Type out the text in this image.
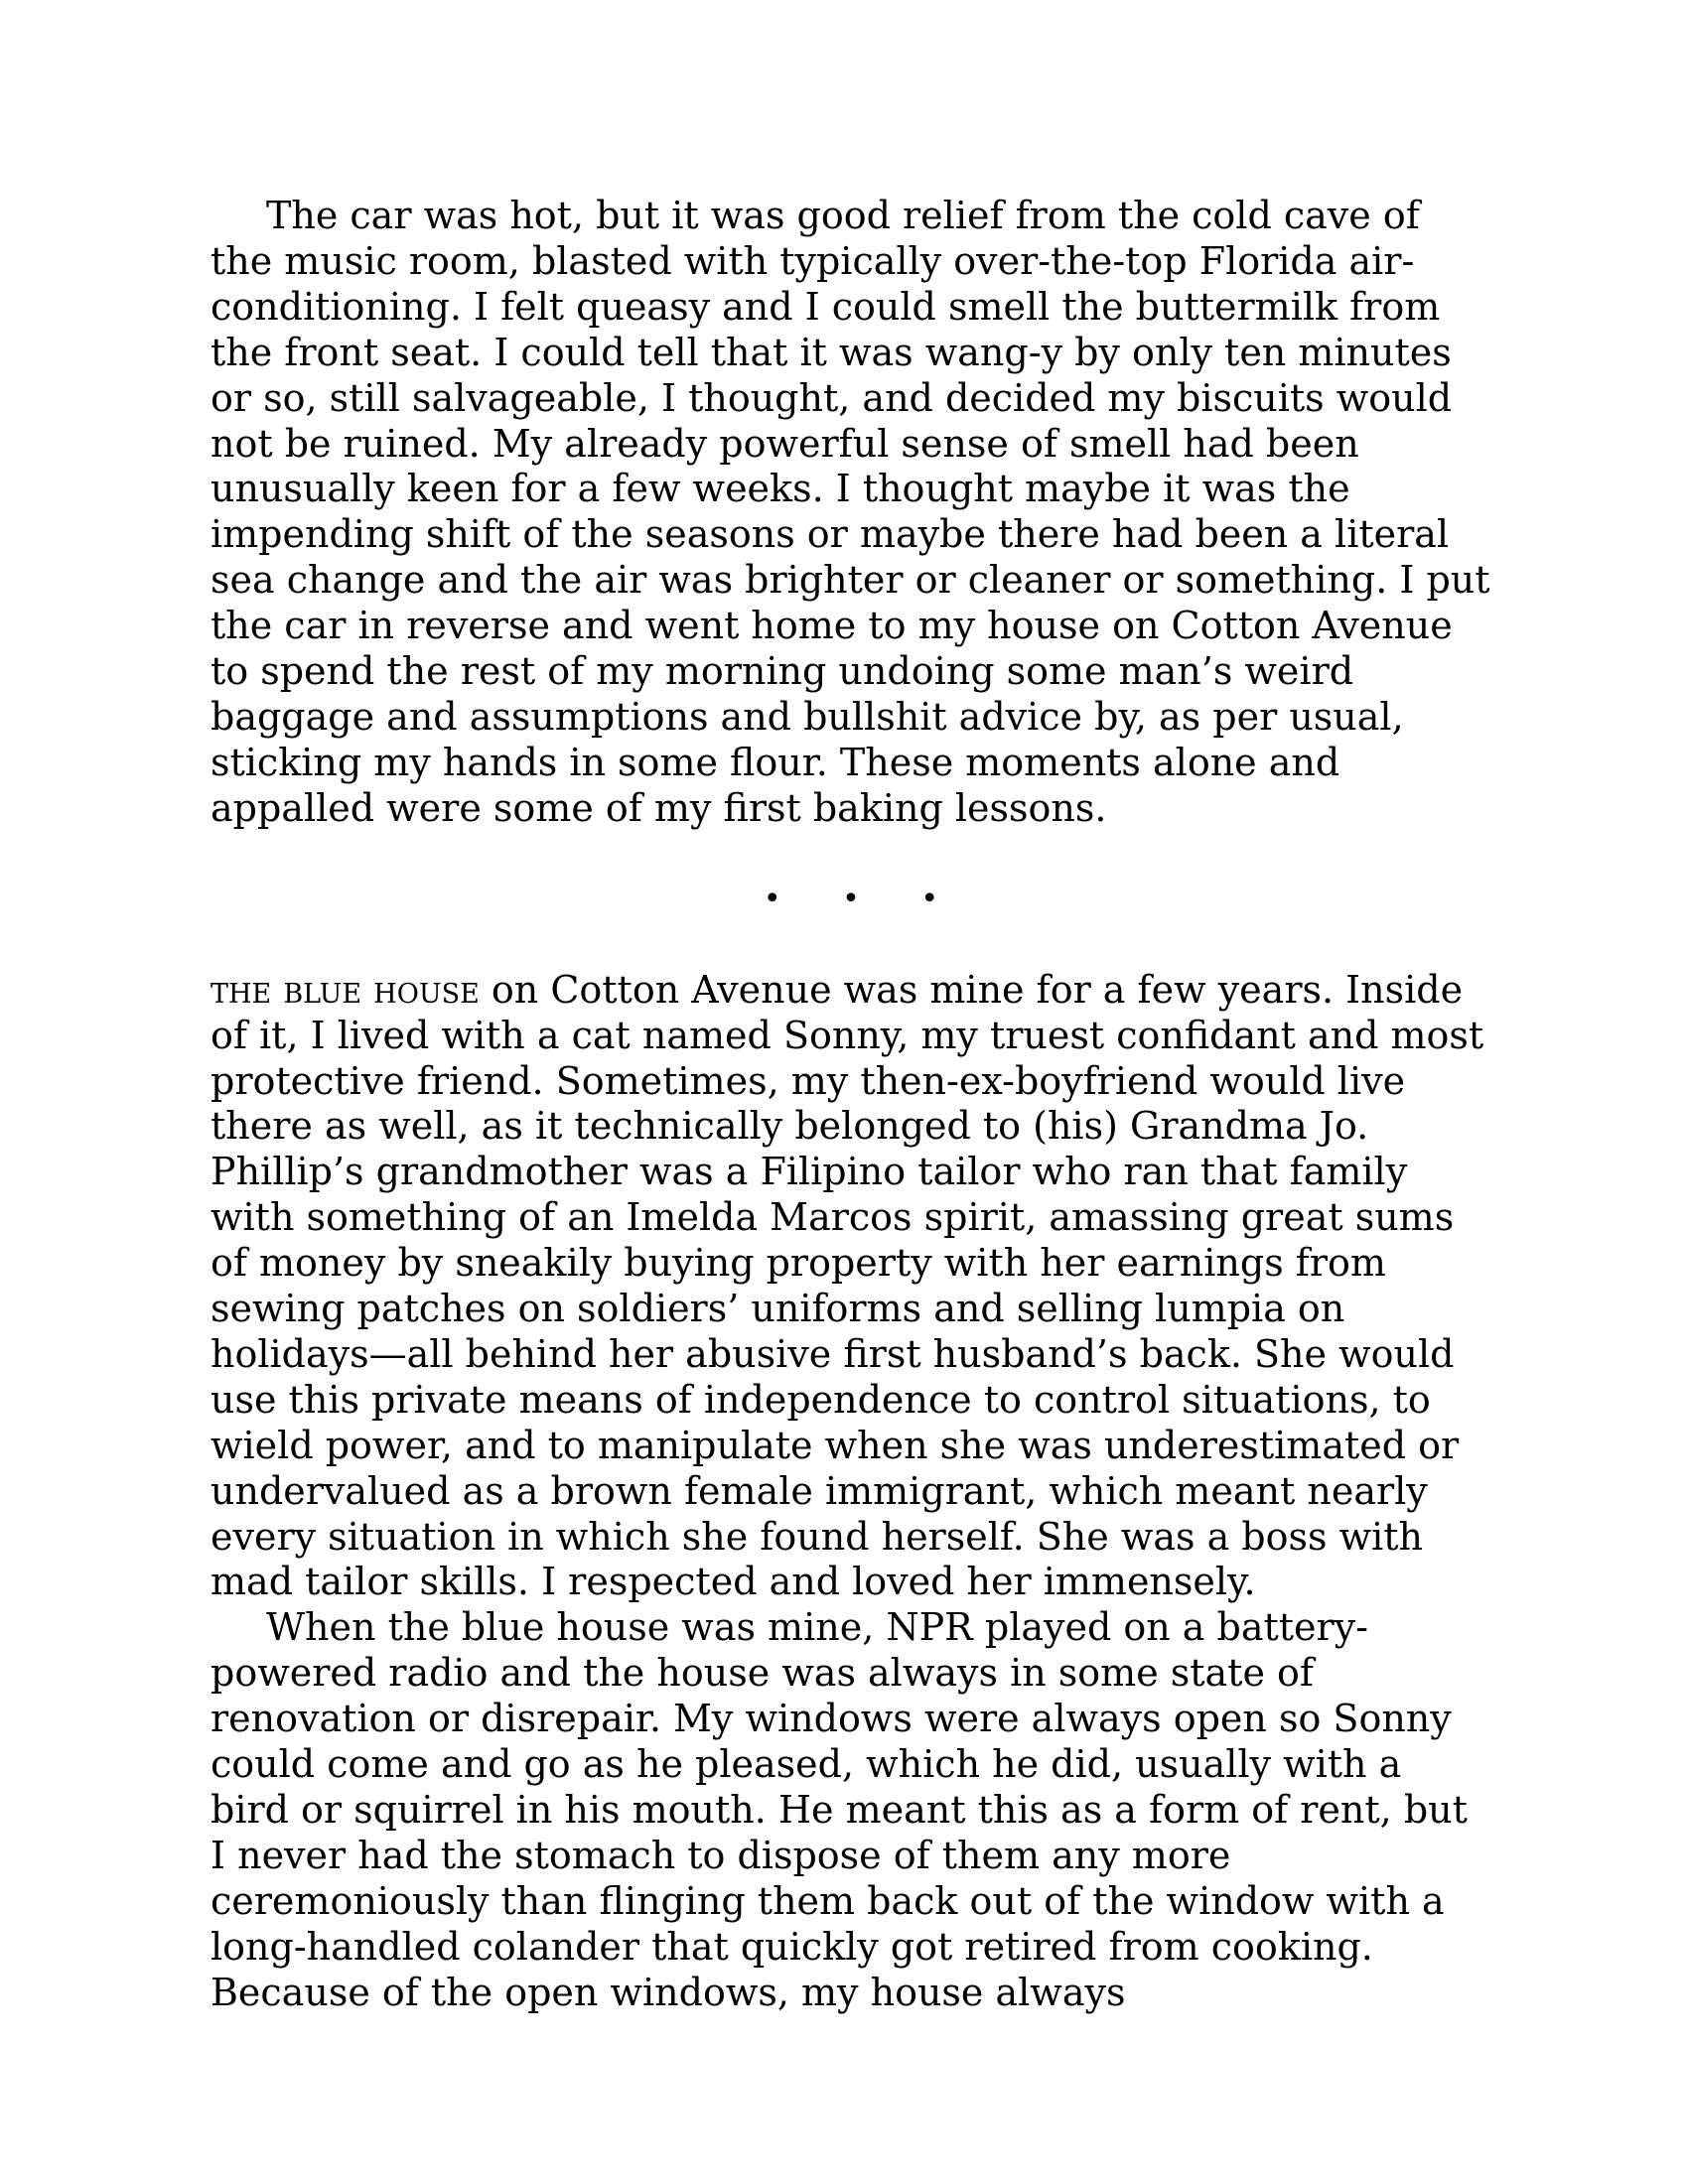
The car was hot, but it was good relief from the cold cave of the music room, blasted with typically over-the-top Florida air-conditioning. I felt queasy and I could smell the buttermilk from the front seat. I could tell that it was wang-y by only ten minutes or so, still salvageable, I thought, and decided my biscuits would not be ruined. My already powerful sense of smell had been unusually keen for a few weeks. I thought maybe it was the impending shift of the seasons or maybe there had been a literal sea change and the air was brighter or cleaner or something. I put the car in reverse and went home to my house on Cotton Avenue to spend the rest of my morning undoing some man’s weird baggage and assumptions and bullshit advice by, as per usual, sticking my hands in some flour. These moments alone and appalled were some of my first baking lessons.

• • •

the blue house on Cotton Avenue was mine for a few years. Inside of it, I lived with a cat named Sonny, my truest confidant and most protective friend. Sometimes, my then-ex-boyfriend would live there as well, as it technically belonged to (his) Grandma Jo. Phillip’s grandmother was a Filipino tailor who ran that family with something of an Imelda Marcos spirit, amassing great sums of money by sneakily buying property with her earnings from sewing patches on soldiers’ uniforms and selling lumpia on holidays—all behind her abusive first husband’s back. She would use this private means of independence to control situations, to wield power, and to manipulate when she was underestimated or undervalued as a brown female immigrant, which meant nearly every situation in which she found herself. She was a boss with mad tailor skills. I respected and loved her immensely.

When the blue house was mine, NPR played on a battery-powered radio and the house was always in some state of renovation or disrepair. My windows were always open so Sonny could come and go as he pleased, which he did, usually with a bird or squirrel in his mouth. He meant this as a form of rent, but I never had the stomach to dispose of them any more ceremoniously than flinging them back out of the window with a long-handled colander that quickly got retired from cooking. Because of the open windows, my house always
